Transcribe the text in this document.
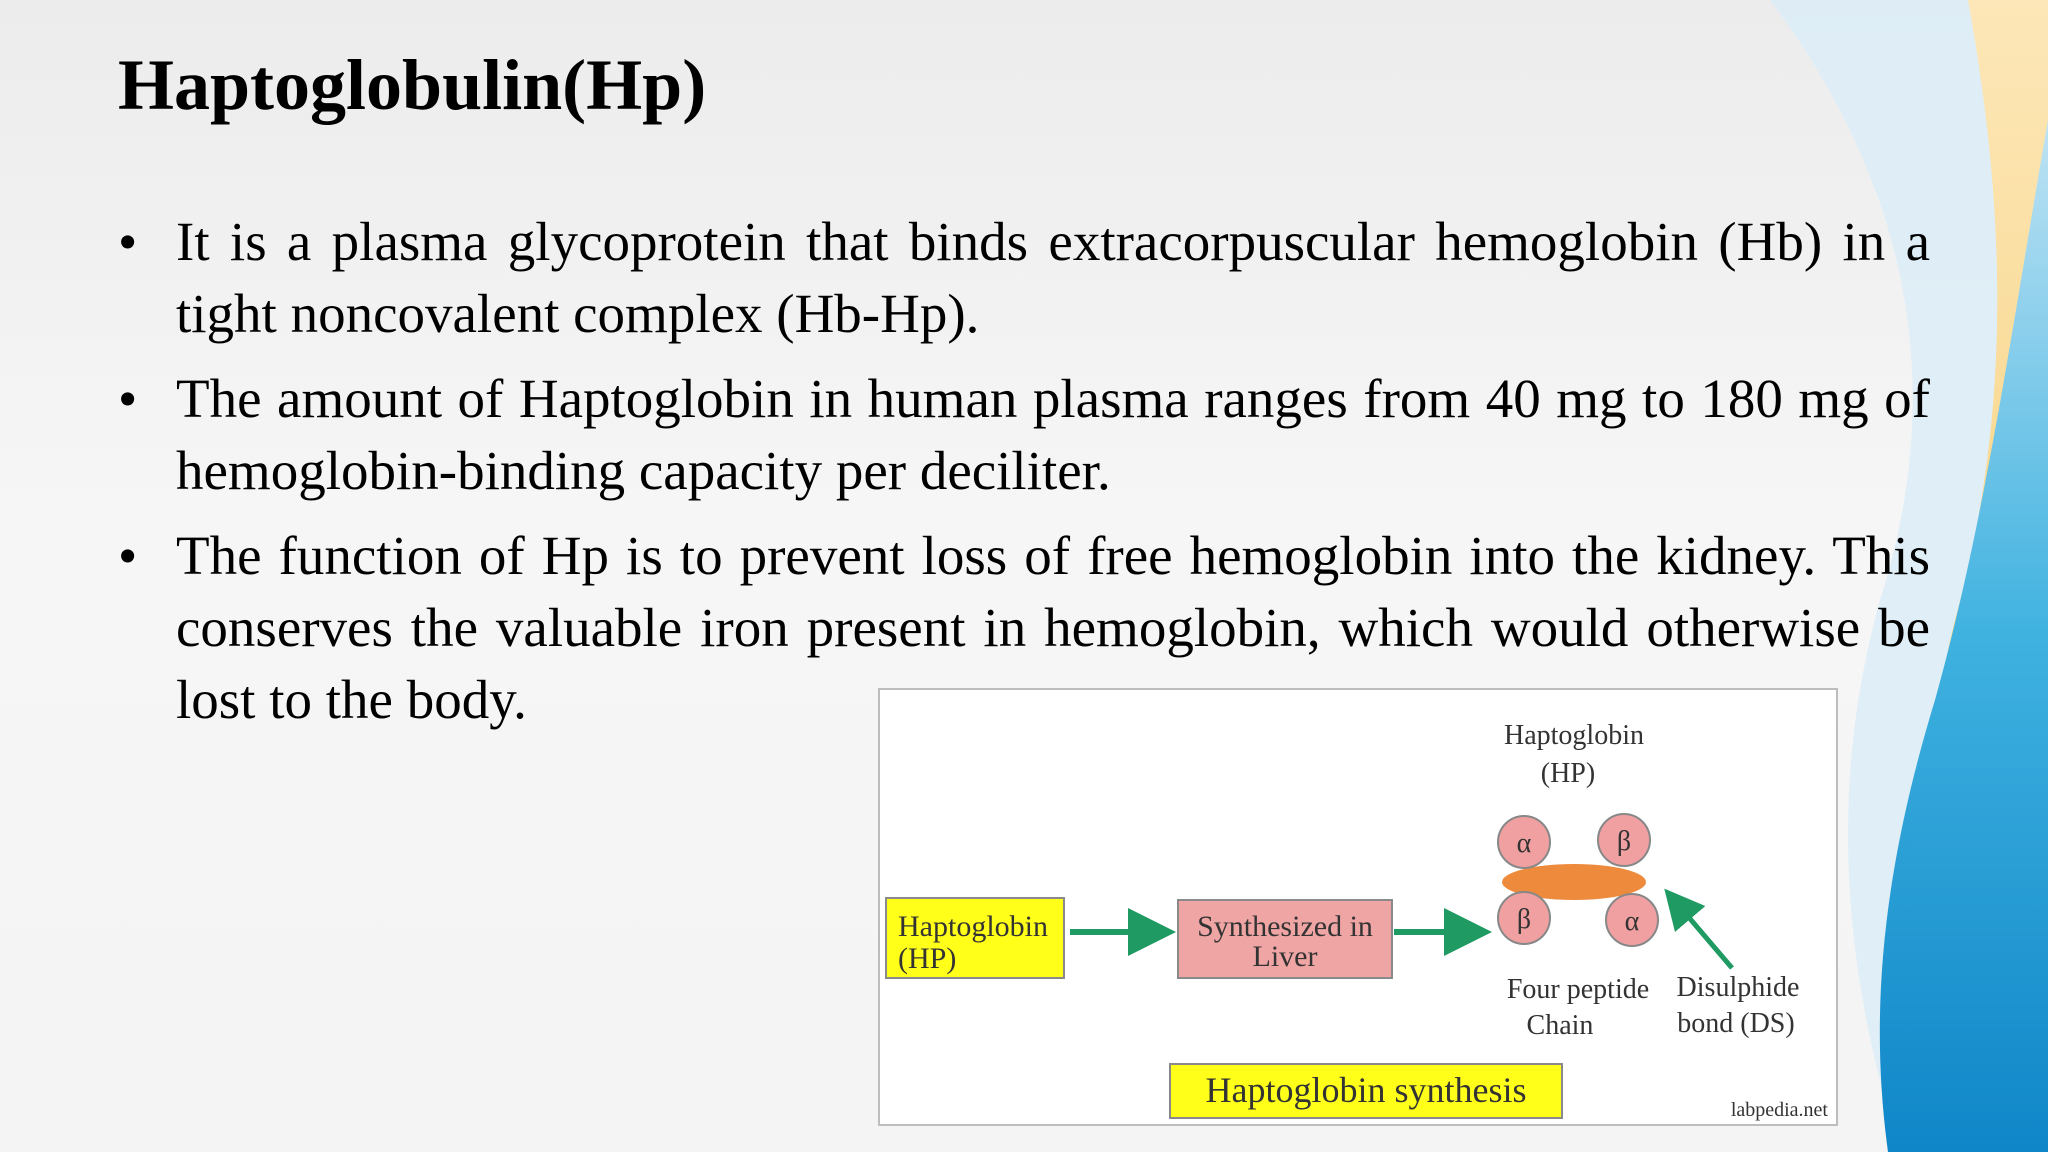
Haptoglobulin(Hp)
• It is a plasma glycoprotein that binds extracorpuscular hemoglobin (Hb) in a tight noncovalent complex (Hb-Hp).
• The amount of Haptoglobin in human plasma ranges from 40 mg to 180 mg of hemoglobin-binding capacity per deciliter.
• The function of Hp is to prevent loss of free hemoglobin into the kidney. This conserves the valuable iron present in hemoglobin, which would otherwise be lost to the body.
Haptoglobin
(HP)
Synthesized in
Liver
Haptoglobin
(HP)
α	β
β	α
Four peptide
Chain
Disulphide
bond (DS)
Haptoglobin synthesis	labpedia.net
